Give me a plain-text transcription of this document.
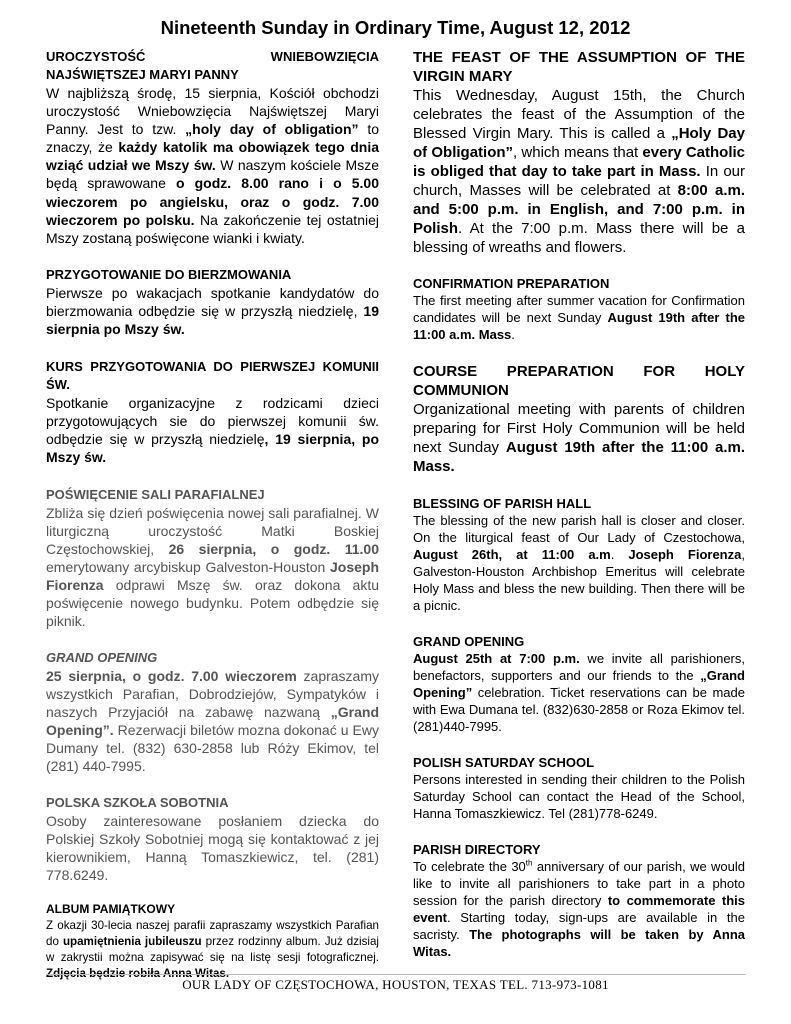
Nineteenth Sunday in Ordinary Time, August 12, 2012
UROCZYSTOŚĆ	WNIEBOWZIĘCIA
NAJŚWIĘTSZEJ MARYI PANNY
W najbliższą środę, 15 sierpnia, Kościół obchodzi uroczystość Wniebowzięcia Najświętszej Maryi Panny. Jest to tzw. „holy day of obligation” to znaczy, że każdy katolik ma obowiązek tego dnia wziąć udział we Mszy św. W naszym kościele Msze będą sprawowane o godz. 8.00 rano i o 5.00 wieczorem po angielsku, oraz o godz. 7.00 wieczorem po polsku. Na zakończenie tej ostatniej Mszy zostaną poświęcone wianki i kwiaty.
PRZYGOTOWANIE DO BIERZMOWANIA
Pierwsze po wakacjach spotkanie kandydatów do bierzmowania odbędzie się w przyszłą niedzielę, 19 sierpnia po Mszy św.
KURS PRZYGOTOWANIA DO PIERWSZEJ KOMUNII ŚW.
Spotkanie organizacyjne z rodzicami dzieci przygotowujących sie do pierwszej komunii św. odbędzie się w przyszłą niedzielę, 19 sierpnia, po Mszy św.
POŚWIĘCENIE SALI PARAFIALNEJ
Zbliża się dzień poświęcenia nowej sali parafialnej. W liturgiczną uroczystość Matki Boskiej Częstochowskiej, 26 sierpnia, o godz. 11.00 emerytowany arcybiskup Galveston-Houston Joseph Fiorenza odprawi Mszę św. oraz dokona aktu poświęcenie nowego budynku. Potem odbędzie się piknik.
GRAND OPENING
25 sierpnia, o godz. 7.00 wieczorem zapraszamy wszystkich Parafian, Dobrodziejów, Sympatyków i naszych Przyjaciół na zabawę nazwaną „Grand Opening”. Rezerwacji biletów mozna dokonać u Ewy Dumany tel. (832) 630-2858 lub Róży Ekimov, tel (281) 440-7995.
POLSKA SZKOŁA SOBOTNIA
Osoby zainteresowane posłaniem dziecka do Polskiej Szkoły Sobotniej mogą się kontaktować z jej kierownikiem, Hanną Tomaszkiewicz, tel. (281) 778.6249.
ALBUM PAMIĄTKOWY
Z okazji 30-lecia naszej parafii zapraszamy wszystkich Parafian do upamiętnienia jubileuszu przez rodzinny album. Już dzisiaj w zakrystii można zapisywać się na listę sesji fotograficznej. Zdjęcia będzie robiła Anna Witas.
THE FEAST OF THE ASSUMPTION OF THE VIRGIN MARY
This Wednesday, August 15th, the Church celebrates the feast of the Assumption of the Blessed Virgin Mary. This is called a „Holy Day of Obligation”, which means that every Catholic is obliged that day to take part in Mass. In our church, Masses will be celebrated at 8:00 a.m. and 5:00 p.m. in English, and 7:00 p.m. in Polish. At the 7:00 p.m. Mass there will be a blessing of wreaths and flowers.
CONFIRMATION PREPARATION
The first meeting after summer vacation for Confirmation candidates will be next Sunday August 19th after the 11:00 a.m. Mass.
COURSE PREPARATION FOR HOLY COMMUNION
Organizational meeting with parents of children preparing for First Holy Communion will be held next Sunday August 19th after the 11:00 a.m. Mass.
BLESSING OF PARISH HALL
The blessing of the new parish hall is closer and closer. On the liturgical feast of Our Lady of Czestochowa, August 26th, at 11:00 a.m. Joseph Fiorenza, Galveston-Houston Archbishop Emeritus will celebrate Holy Mass and bless the new building. Then there will be a picnic.
GRAND OPENING
August 25th at 7:00 p.m. we invite all parishioners, benefactors, supporters and our friends to the „Grand Opening” celebration. Ticket reservations can be made with Ewa Dumana tel. (832)630-2858 or Roza Ekimov tel. (281)440-7995.
POLISH SATURDAY SCHOOL
Persons interested in sending their children to the Polish Saturday School can contact the Head of the School, Hanna Tomaszkiewicz. Tel (281)778-6249.
PARISH DIRECTORY
To celebrate the 30th anniversary of our parish, we would like to invite all parishioners to take part in a photo session for the parish directory to commemorate this event. Starting today, sign-ups are available in the sacristy. The photographs will be taken by Anna Witas.
OUR LADY OF CZĘSTOCHOWA, HOUSTON, TEXAS TEL. 713-973-1081
